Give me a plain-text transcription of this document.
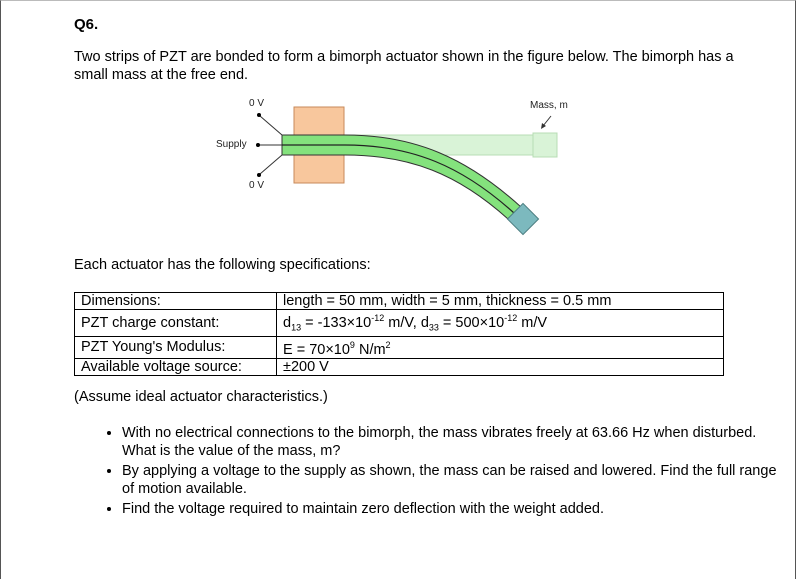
Q6.
Two strips of PZT are bonded to form a bimorph actuator shown in the figure below. The bimorph has a small mass at the free end.
0 V
Supply
0 V
Mass, m
Each actuator has the following specifications:
Dimensions:	length = 50 mm, width = 5 mm, thickness = 0.5 mm
PZT charge constant:	$d_{13} = -133\times 10^{-12}$ m/V, $d_{33} = 500\times 10^{-12}$ m/V
PZT Young's Modulus:	$E = 70\times 10^9$ $N/m^2$
Available voltage source:	±200 V
(Assume ideal actuator characteristics.)
• With no electrical connections to the bimorph, the mass vibrates freely at 63.66 Hz when disturbed. What is the value of the mass, m?
• By applying a voltage to the supply as shown, the mass can be raised and lowered. Find the full range of motion available.
• Find the voltage required to maintain zero deflection with the weight added.
